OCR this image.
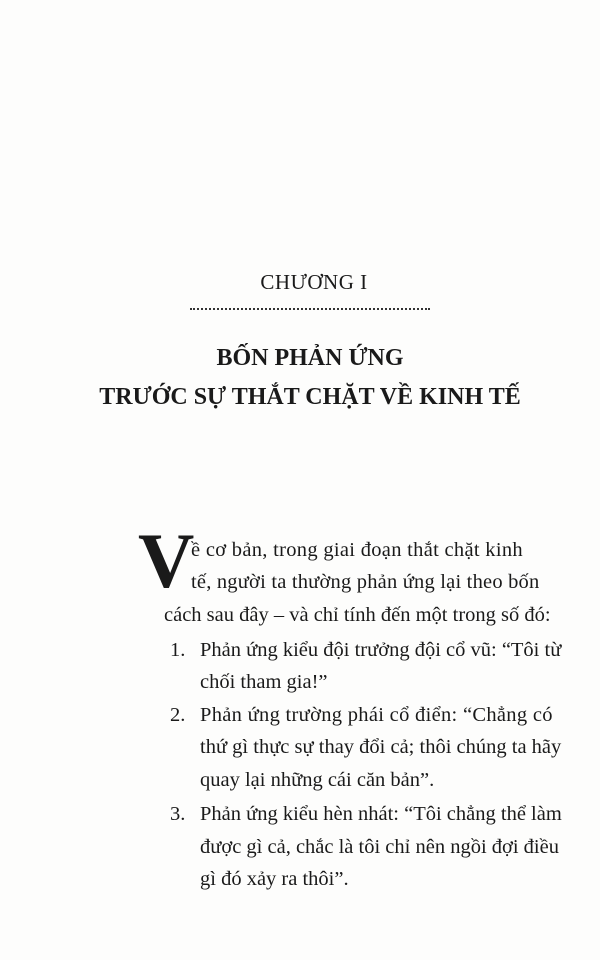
CHƯƠNG I
BỐN PHẢN ỨNG
TRƯỚC SỰ THẮT CHẶT VỀ KINH TẾ
V
ề cơ bản, trong giai đoạn thắt chặt kinh
tế, người ta thường phản ứng lại theo bốn
cách sau đây – và chỉ tính đến một trong số đó:
1. Phản ứng kiểu đội trưởng đội cổ vũ: “Tôi từ
chối tham gia!”
2. Phản ứng trường phái cổ điển: “Chẳng có
thứ gì thực sự thay đổi cả; thôi chúng ta hãy
quay lại những cái căn bản”.
3. Phản ứng kiểu hèn nhát: “Tôi chẳng thể làm
được gì cả, chắc là tôi chỉ nên ngồi đợi điều
gì đó xảy ra thôi”.
